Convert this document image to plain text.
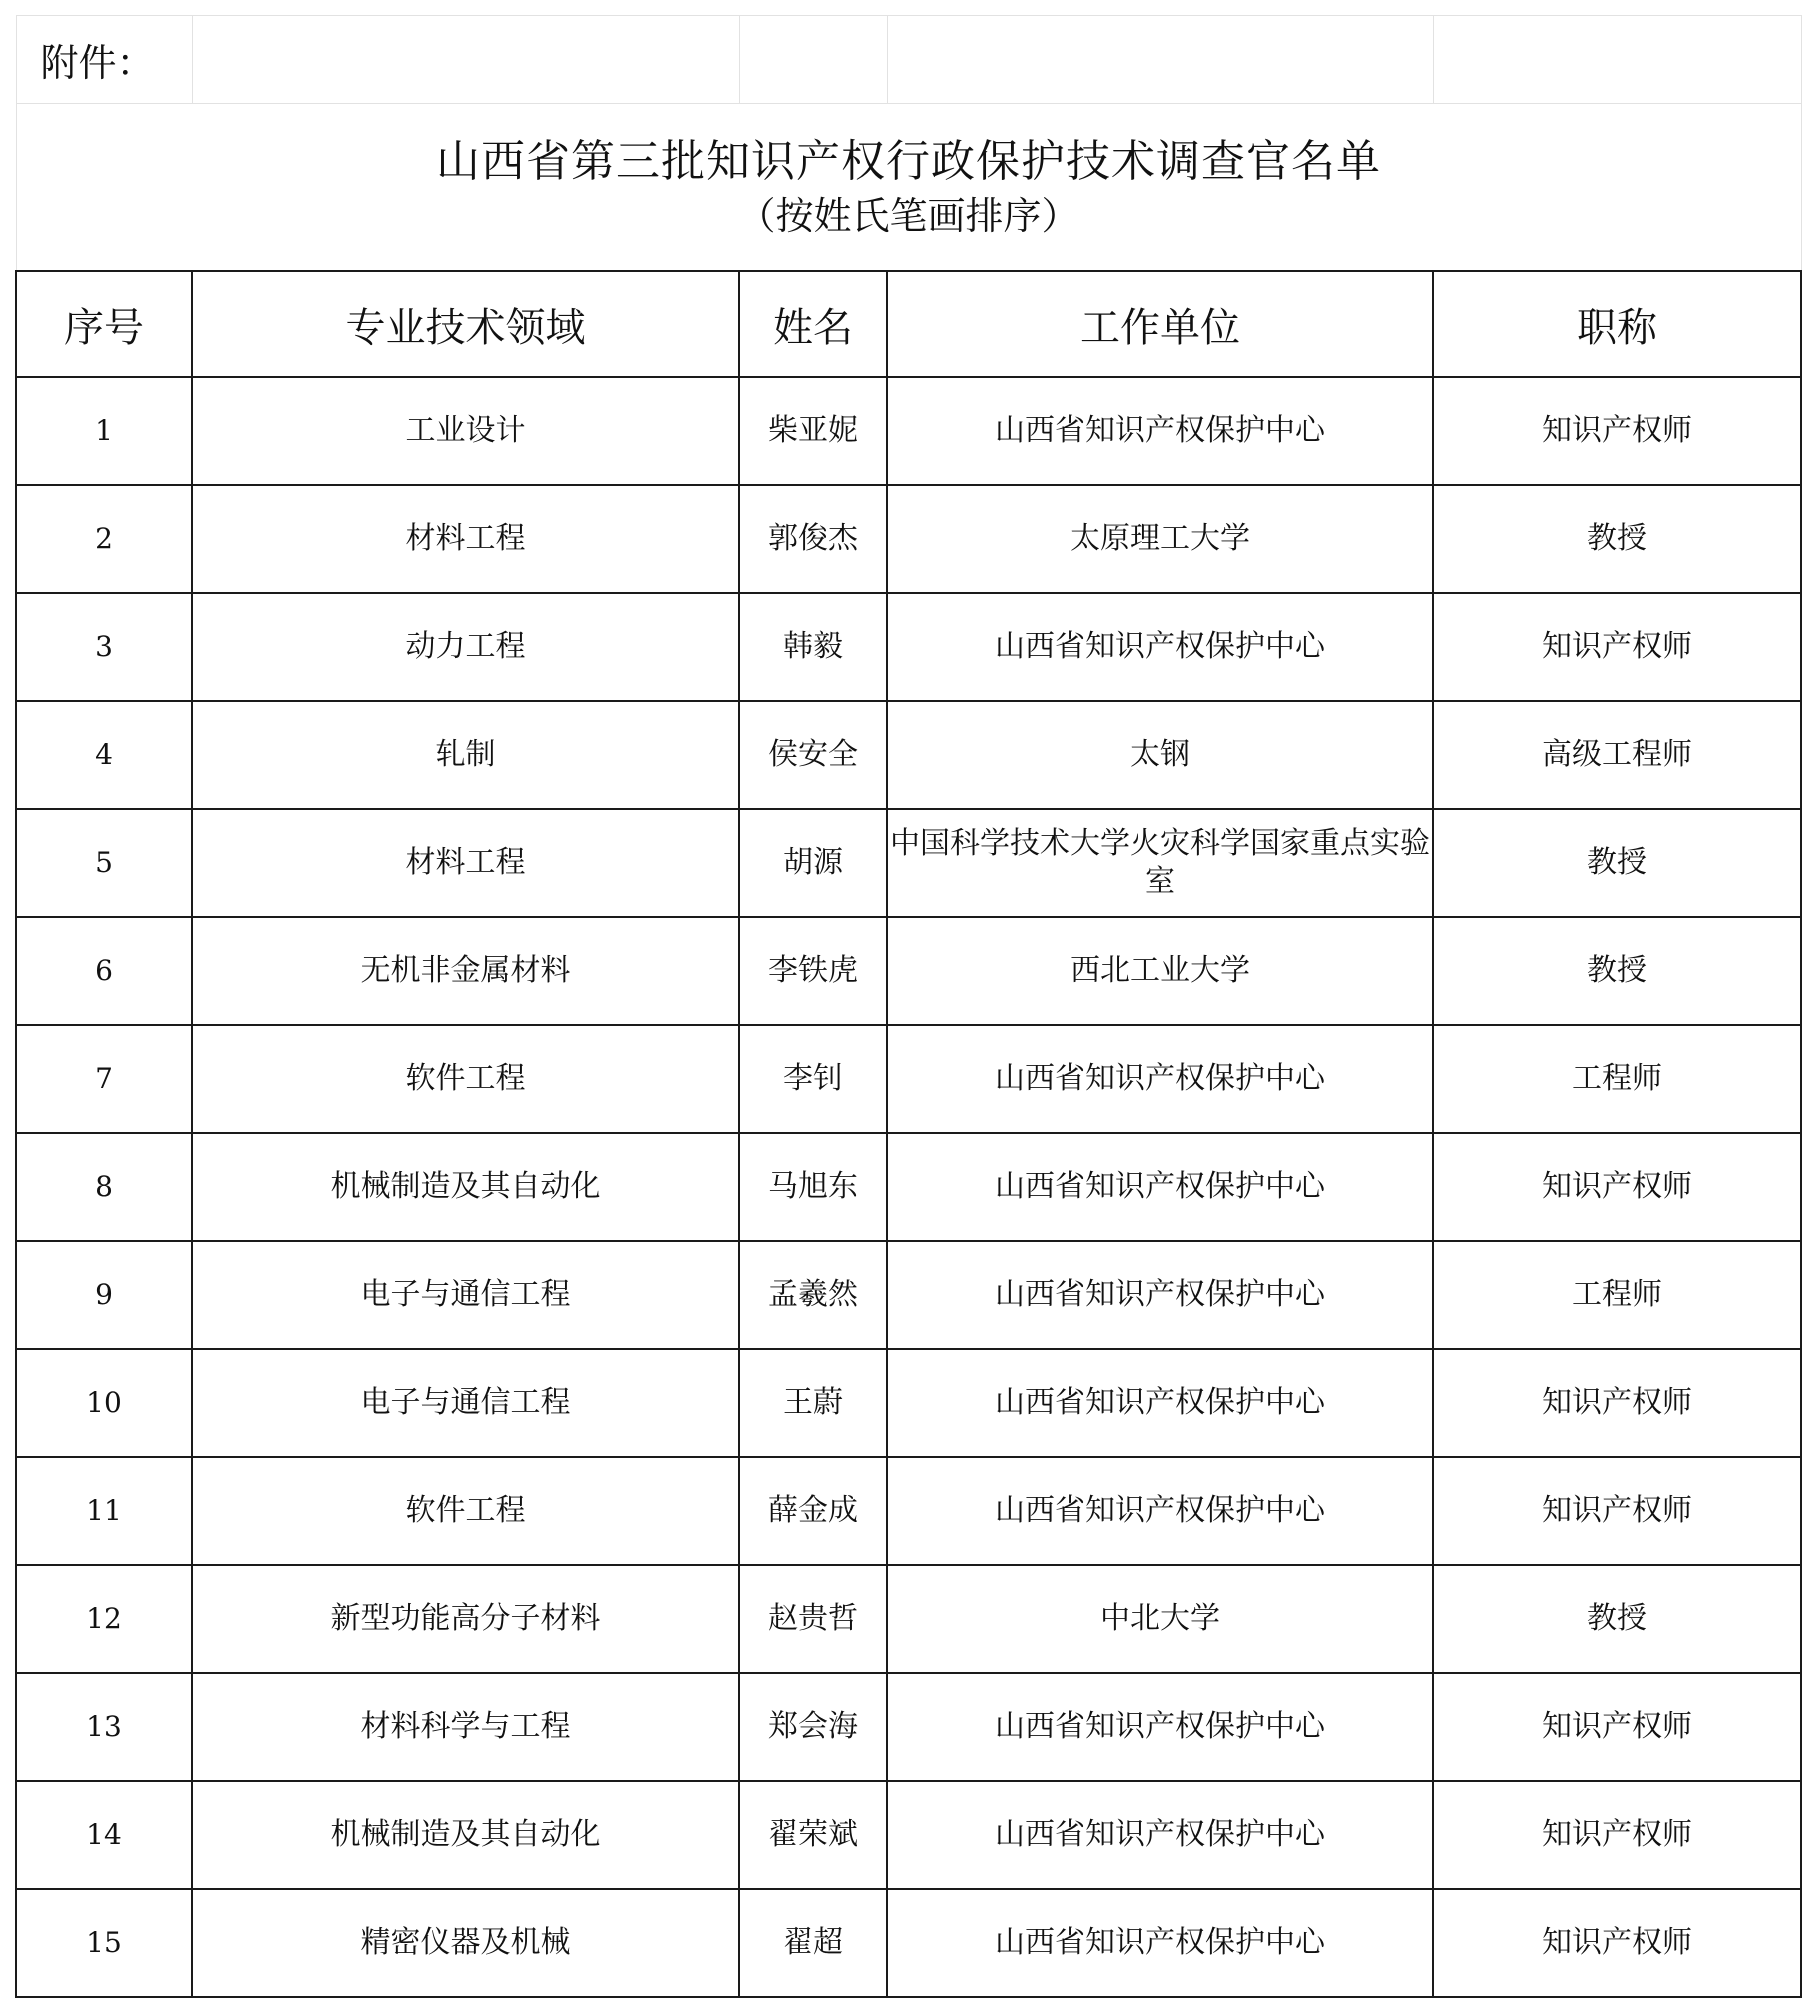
附件：				

山西省第三批知识产权行政保护技术调查官名单
（按姓氏笔画排序）				

序号	专业技术领域	姓名	工作单位	职称
1	工业设计	柴亚妮	山西省知识产权保护中心	知识产权师
2	材料工程	郭俊杰	太原理工大学	教授
3	动力工程	韩毅	山西省知识产权保护中心	知识产权师
4	轧制	侯安全	太钢	高级工程师
5	材料工程	胡源	中国科学技术大学火灾科学国家重点实验室	教授
6	无机非金属材料	李铁虎	西北工业大学	教授
7	软件工程	李钊	山西省知识产权保护中心	工程师
8	机械制造及其自动化	马旭东	山西省知识产权保护中心	知识产权师
9	电子与通信工程	孟羲然	山西省知识产权保护中心	工程师
10	电子与通信工程	王蔚	山西省知识产权保护中心	知识产权师
11	软件工程	薛金成	山西省知识产权保护中心	知识产权师
12	新型功能高分子材料	赵贵哲	中北大学	教授
13	材料科学与工程	郑会海	山西省知识产权保护中心	知识产权师
14	机械制造及其自动化	翟荣斌	山西省知识产权保护中心	知识产权师
15	精密仪器及机械	翟超	山西省知识产权保护中心	知识产权师
